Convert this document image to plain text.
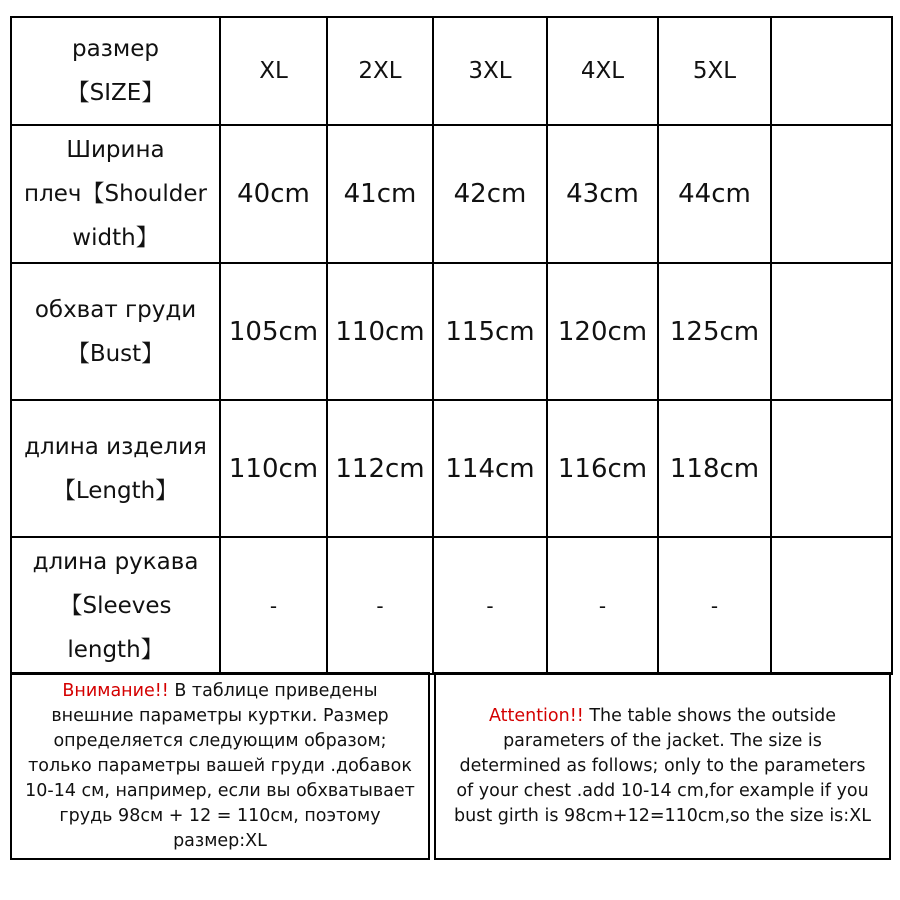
размер
【SIZE】	XL	2XL	3XL	4XL	5XL	

Ширина
плеч【Shoulder
width】	40cm	41cm	42cm	43cm	44cm	

обхват груди
【Bust】	105cm	110cm	115cm	120cm	125cm	

длина изделия
【Length】	110cm	112cm	114cm	116cm	118cm	

длина рукава
【Sleeves
length】	-	-	-	-	-	
Внимание!! В таблице приведены
внешние параметры куртки. Размер
определяется следующим образом;
только параметры вашей груди .добавок
10-14 см, например, если вы обхватывает
грудь 98см + 12 = 110см, поэтому
размер:XL
Attention!! The table shows the outside
parameters of the jacket. The size is
determined as follows; only to the parameters
of your chest .add 10-14 cm,for example if you
bust girth is 98cm+12=110cm,so the size is:XL
